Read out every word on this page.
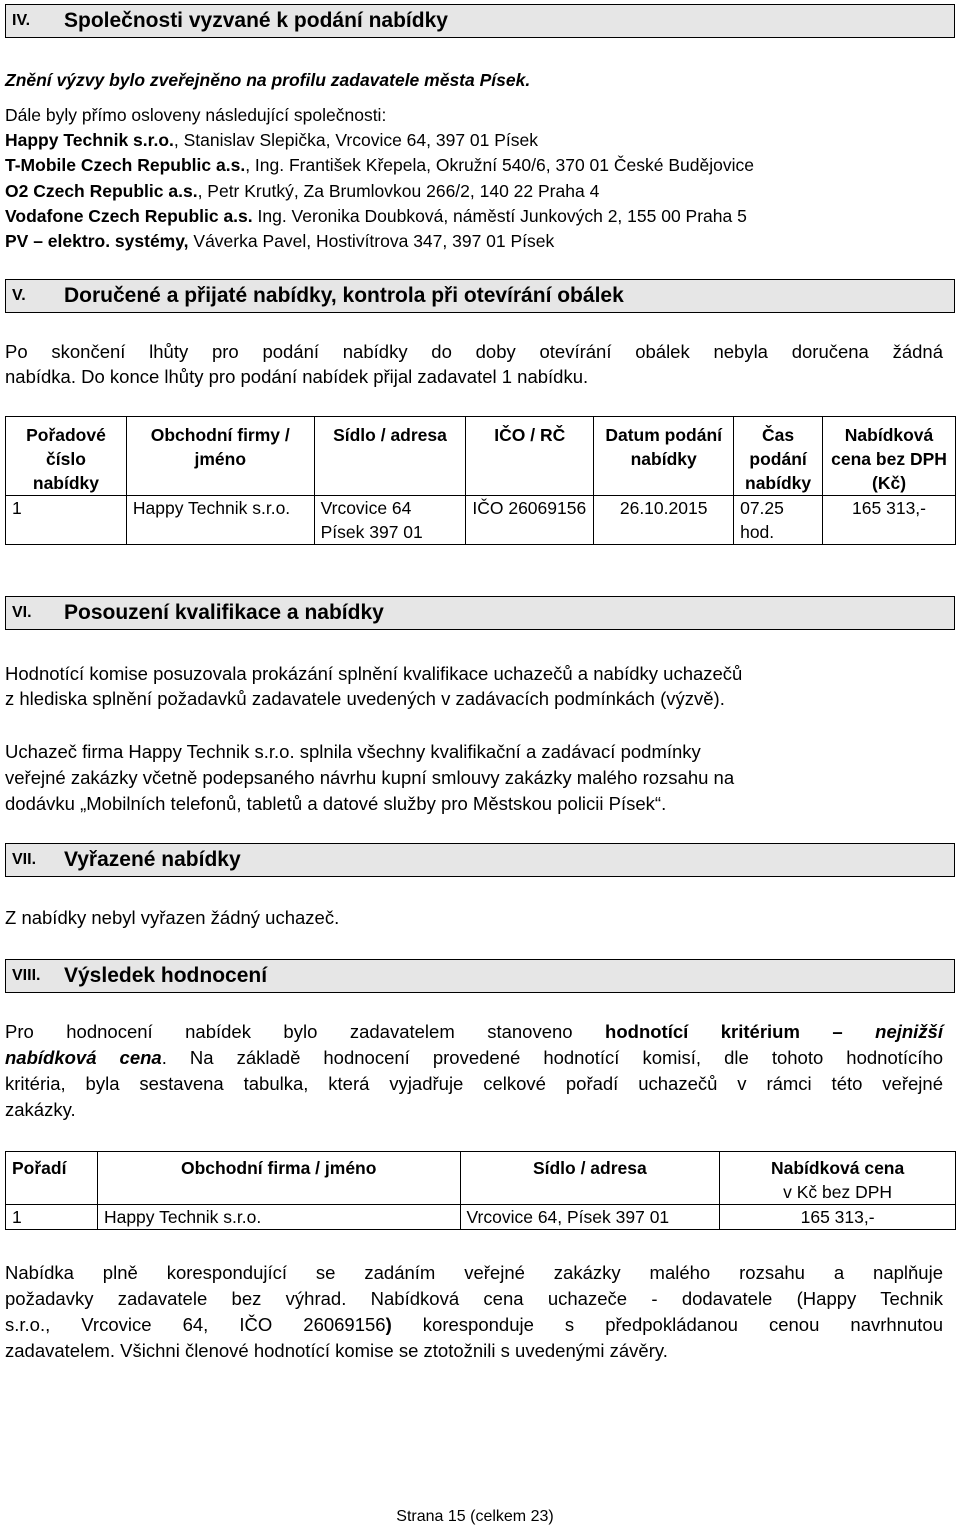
IV.	Společnosti vyzvané k podání nabídky
Znění výzvy bylo zveřejněno na profilu zadavatele města Písek.
Dále byly přímo osloveny následující společnosti:
Happy Technik s.r.o., Stanislav Slepička, Vrcovice 64, 397 01 Písek
T-Mobile Czech Republic a.s., Ing. František Křepela, Okružní 540/6, 370 01 České Budějovice
O2 Czech Republic a.s., Petr Krutký, Za Brumlovkou 266/2, 140 22 Praha 4
Vodafone Czech Republic a.s. Ing. Veronika Doubková, náměstí Junkových 2, 155 00 Praha 5
PV – elektro. systémy, Váverka Pavel, Hostivítrova 347, 397 01 Písek
V.	Doručené a přijaté nabídky, kontrola při otevírání obálek
Po skončení lhůty pro podání nabídky do doby otevírání obálek nebyla doručena žádná
nabídka. Do konce lhůty pro podání nabídek přijal zadavatel 1 nabídku.
Pořadové číslo nabídky	Obchodní firmy / jméno	Sídlo / adresa	IČO / RČ	Datum podání nabídky	Čas podání nabídky	Nabídková cena bez DPH (Kč)
1	Happy Technik s.r.o.	Vrcovice 64 Písek 397 01	IČO 26069156	26.10.2015	07.25 hod.	165 313,-
VI.	Posouzení kvalifikace a nabídky
Hodnotící komise posuzovala prokázání splnění kvalifikace uchazečů a nabídky uchazečů
z hlediska splnění požadavků zadavatele uvedených v zadávacích podmínkách (výzvě).
Uchazeč firma Happy Technik s.r.o. splnila všechny kvalifikační a zadávací podmínky
veřejné zakázky včetně podepsaného návrhu kupní smlouvy zakázky malého rozsahu na
dodávku „Mobilních telefonů, tabletů a datové služby pro Městskou policii Písek“.
VII.	Vyřazené nabídky
Z nabídky nebyl vyřazen žádný uchazeč.
VIII.	Výsledek hodnocení
Pro hodnocení nabídek bylo zadavatelem stanoveno hodnotící kritérium – nejnižší
nabídková cena. Na základě hodnocení provedené hodnotící komisí, dle tohoto hodnotícího
kritéria, byla sestavena tabulka, která vyjadřuje celkové pořadí uchazečů v rámci této veřejné
zakázky.
Pořadí	Obchodní firma / jméno	Sídlo / adresa	Nabídková cena
v Kč bez DPH

1	Happy Technik s.r.o.	Vrcovice 64, Písek 397 01	165 313,-
Nabídka plně korespondující se zadáním veřejné zakázky malého rozsahu a naplňuje
požadavky zadavatele bez výhrad. Nabídková cena uchazeče - dodavatele (Happy Technik
s.r.o., Vrcovice 64, IČO 26069156) koresponduje s předpokládanou cenou navrhnutou
zadavatelem. Všichni členové hodnotící komise se ztotožnili s uvedenými závěry.
Strana 15 (celkem 23)
